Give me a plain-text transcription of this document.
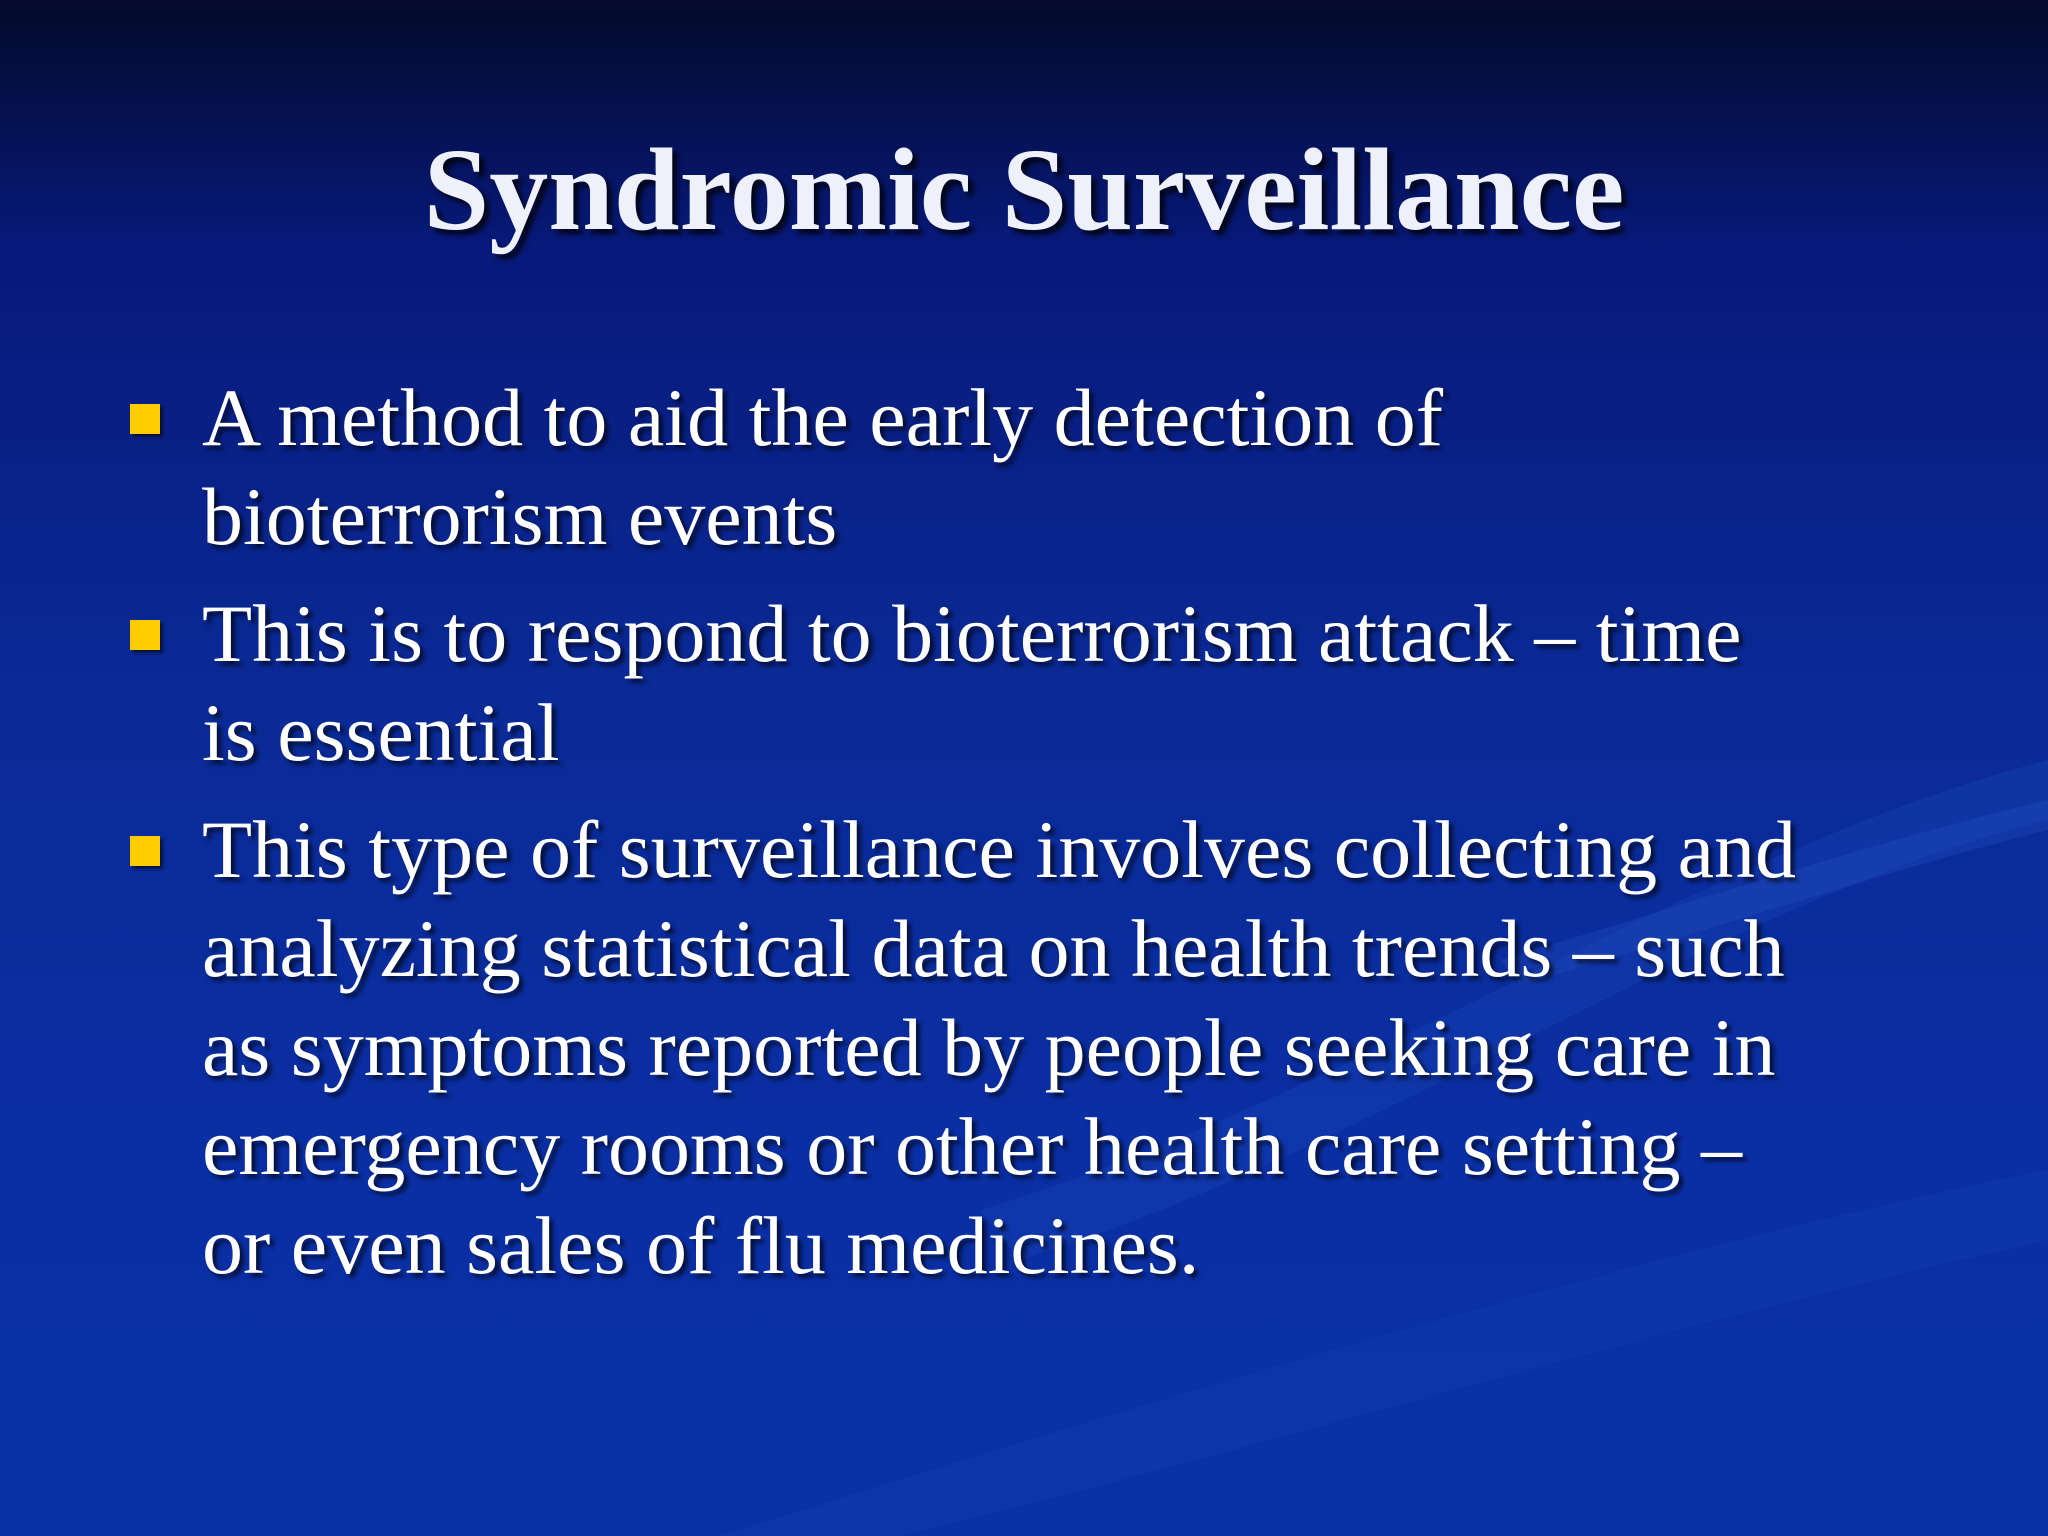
Syndromic Surveillance
A method to aid the early detection of
bioterrorism events
This is to respond to bioterrorism attack – time
is essential
This type of surveillance involves collecting and
analyzing statistical data on health trends – such
as symptoms reported by people seeking care in
emergency rooms or other health care setting –
or even sales of flu medicines.
